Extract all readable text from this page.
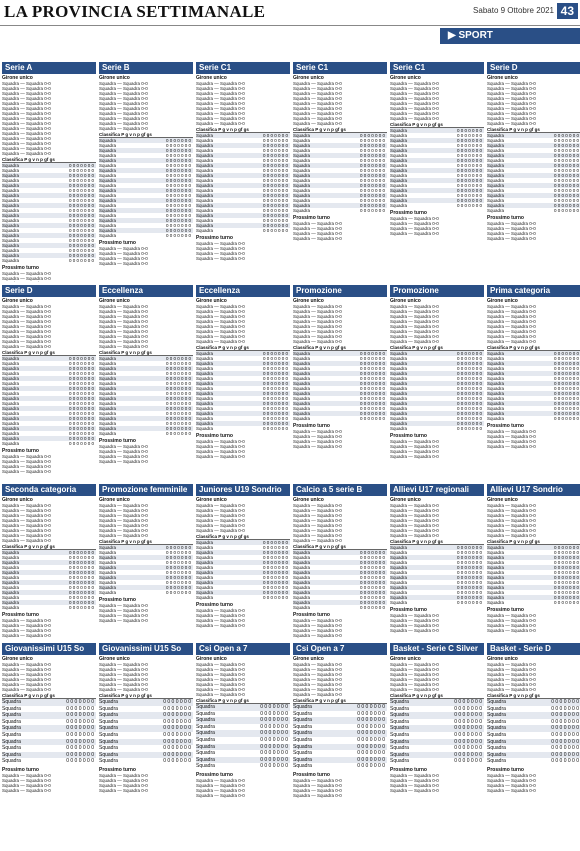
LA PROVINCIA SETTIMANALE	Sabato 9 Ottobre 2021 43
▶ SPORT
Serie A
Girone unico
Squadra — Squadra 0-0
Squadra — Squadra 0-0
Squadra — Squadra 0-0
Squadra — Squadra 0-0
Squadra — Squadra 0-0
Squadra — Squadra 0-0
Squadra — Squadra 0-0
Squadra — Squadra 0-0
Squadra — Squadra 0-0
Squadra — Squadra 0-0
Squadra — Squadra 0-0
Squadra — Squadra 0-0
Squadra — Squadra 0-0
Squadra — Squadra 0-0
Squadra — Squadra 0-0
Classifica P g v n p gf gs
Squadra	0 0 0 0 0 0 0
Squadra	0 0 0 0 0 0 0
Squadra	0 0 0 0 0 0 0
Squadra	0 0 0 0 0 0 0
Squadra	0 0 0 0 0 0 0
Squadra	0 0 0 0 0 0 0
Squadra	0 0 0 0 0 0 0
Squadra	0 0 0 0 0 0 0
Squadra	0 0 0 0 0 0 0
Squadra	0 0 0 0 0 0 0
Squadra	0 0 0 0 0 0 0
Squadra	0 0 0 0 0 0 0
Squadra	0 0 0 0 0 0 0
Squadra	0 0 0 0 0 0 0
Squadra	0 0 0 0 0 0 0
Squadra	0 0 0 0 0 0 0
Squadra	0 0 0 0 0 0 0
Squadra	0 0 0 0 0 0 0
Squadra	0 0 0 0 0 0 0
Squadra	0 0 0 0 0 0 0
Prossimo turno
Squadra — Squadra 0-0
Squadra — Squadra 0-0
Serie B
Girone unico
Squadra — Squadra 0-0
Squadra — Squadra 0-0
Squadra — Squadra 0-0
Squadra — Squadra 0-0
Squadra — Squadra 0-0
Squadra — Squadra 0-0
Squadra — Squadra 0-0
Squadra — Squadra 0-0
Squadra — Squadra 0-0
Squadra — Squadra 0-0
Classifica P g v n p gf gs
Squadra	0 0 0 0 0 0 0
Squadra	0 0 0 0 0 0 0
Squadra	0 0 0 0 0 0 0
Squadra	0 0 0 0 0 0 0
Squadra	0 0 0 0 0 0 0
Squadra	0 0 0 0 0 0 0
Squadra	0 0 0 0 0 0 0
Squadra	0 0 0 0 0 0 0
Squadra	0 0 0 0 0 0 0
Squadra	0 0 0 0 0 0 0
Squadra	0 0 0 0 0 0 0
Squadra	0 0 0 0 0 0 0
Squadra	0 0 0 0 0 0 0
Squadra	0 0 0 0 0 0 0
Squadra	0 0 0 0 0 0 0
Squadra	0 0 0 0 0 0 0
Squadra	0 0 0 0 0 0 0
Squadra	0 0 0 0 0 0 0
Squadra	0 0 0 0 0 0 0
Squadra	0 0 0 0 0 0 0
Prossimo turno
Squadra — Squadra 0-0
Squadra — Squadra 0-0
Squadra — Squadra 0-0
Squadra — Squadra 0-0
Serie C1
Girone unico
Squadra — Squadra 0-0
Squadra — Squadra 0-0
Squadra — Squadra 0-0
Squadra — Squadra 0-0
Squadra — Squadra 0-0
Squadra — Squadra 0-0
Squadra — Squadra 0-0
Squadra — Squadra 0-0
Squadra — Squadra 0-0
Classifica P g v n p gf gs
Squadra	0 0 0 0 0 0 0
Squadra	0 0 0 0 0 0 0
Squadra	0 0 0 0 0 0 0
Squadra	0 0 0 0 0 0 0
Squadra	0 0 0 0 0 0 0
Squadra	0 0 0 0 0 0 0
Squadra	0 0 0 0 0 0 0
Squadra	0 0 0 0 0 0 0
Squadra	0 0 0 0 0 0 0
Squadra	0 0 0 0 0 0 0
Squadra	0 0 0 0 0 0 0
Squadra	0 0 0 0 0 0 0
Squadra	0 0 0 0 0 0 0
Squadra	0 0 0 0 0 0 0
Squadra	0 0 0 0 0 0 0
Squadra	0 0 0 0 0 0 0
Squadra	0 0 0 0 0 0 0
Squadra	0 0 0 0 0 0 0
Squadra	0 0 0 0 0 0 0
Squadra	0 0 0 0 0 0 0
Prossimo turno
Squadra — Squadra 0-0
Squadra — Squadra 0-0
Squadra — Squadra 0-0
Squadra — Squadra 0-0
Serie C1
Girone unico
Squadra — Squadra 0-0
Squadra — Squadra 0-0
Squadra — Squadra 0-0
Squadra — Squadra 0-0
Squadra — Squadra 0-0
Squadra — Squadra 0-0
Squadra — Squadra 0-0
Squadra — Squadra 0-0
Squadra — Squadra 0-0
Classifica P g v n p gf gs
Squadra	0 0 0 0 0 0 0
Squadra	0 0 0 0 0 0 0
Squadra	0 0 0 0 0 0 0
Squadra	0 0 0 0 0 0 0
Squadra	0 0 0 0 0 0 0
Squadra	0 0 0 0 0 0 0
Squadra	0 0 0 0 0 0 0
Squadra	0 0 0 0 0 0 0
Squadra	0 0 0 0 0 0 0
Squadra	0 0 0 0 0 0 0
Squadra	0 0 0 0 0 0 0
Squadra	0 0 0 0 0 0 0
Squadra	0 0 0 0 0 0 0
Squadra	0 0 0 0 0 0 0
Squadra	0 0 0 0 0 0 0
Squadra	0 0 0 0 0 0 0
Prossimo turno
Squadra — Squadra 0-0
Squadra — Squadra 0-0
Squadra — Squadra 0-0
Squadra — Squadra 0-0
Serie C1
Girone unico
Squadra — Squadra 0-0
Squadra — Squadra 0-0
Squadra — Squadra 0-0
Squadra — Squadra 0-0
Squadra — Squadra 0-0
Squadra — Squadra 0-0
Squadra — Squadra 0-0
Squadra — Squadra 0-0
Classifica P g v n p gf gs
Squadra	0 0 0 0 0 0 0
Squadra	0 0 0 0 0 0 0
Squadra	0 0 0 0 0 0 0
Squadra	0 0 0 0 0 0 0
Squadra	0 0 0 0 0 0 0
Squadra	0 0 0 0 0 0 0
Squadra	0 0 0 0 0 0 0
Squadra	0 0 0 0 0 0 0
Squadra	0 0 0 0 0 0 0
Squadra	0 0 0 0 0 0 0
Squadra	0 0 0 0 0 0 0
Squadra	0 0 0 0 0 0 0
Squadra	0 0 0 0 0 0 0
Squadra	0 0 0 0 0 0 0
Squadra	0 0 0 0 0 0 0
Squadra	0 0 0 0 0 0 0
Prossimo turno
Squadra — Squadra 0-0
Squadra — Squadra 0-0
Squadra — Squadra 0-0
Squadra — Squadra 0-0
Serie D
Girone unico
Squadra — Squadra 0-0
Squadra — Squadra 0-0
Squadra — Squadra 0-0
Squadra — Squadra 0-0
Squadra — Squadra 0-0
Squadra — Squadra 0-0
Squadra — Squadra 0-0
Squadra — Squadra 0-0
Squadra — Squadra 0-0
Classifica P g v n p gf gs
Squadra	0 0 0 0 0 0 0
Squadra	0 0 0 0 0 0 0
Squadra	0 0 0 0 0 0 0
Squadra	0 0 0 0 0 0 0
Squadra	0 0 0 0 0 0 0
Squadra	0 0 0 0 0 0 0
Squadra	0 0 0 0 0 0 0
Squadra	0 0 0 0 0 0 0
Squadra	0 0 0 0 0 0 0
Squadra	0 0 0 0 0 0 0
Squadra	0 0 0 0 0 0 0
Squadra	0 0 0 0 0 0 0
Squadra	0 0 0 0 0 0 0
Squadra	0 0 0 0 0 0 0
Squadra	0 0 0 0 0 0 0
Squadra	0 0 0 0 0 0 0
Prossimo turno
Squadra — Squadra 0-0
Squadra — Squadra 0-0
Squadra — Squadra 0-0
Squadra — Squadra 0-0
Serie D
Girone unico
Squadra — Squadra 0-0
Squadra — Squadra 0-0
Squadra — Squadra 0-0
Squadra — Squadra 0-0
Squadra — Squadra 0-0
Squadra — Squadra 0-0
Squadra — Squadra 0-0
Squadra — Squadra 0-0
Squadra — Squadra 0-0
Classifica P g v n p gf gs
Squadra	0 0 0 0 0 0 0
Squadra	0 0 0 0 0 0 0
Squadra	0 0 0 0 0 0 0
Squadra	0 0 0 0 0 0 0
Squadra	0 0 0 0 0 0 0
Squadra	0 0 0 0 0 0 0
Squadra	0 0 0 0 0 0 0
Squadra	0 0 0 0 0 0 0
Squadra	0 0 0 0 0 0 0
Squadra	0 0 0 0 0 0 0
Squadra	0 0 0 0 0 0 0
Squadra	0 0 0 0 0 0 0
Squadra	0 0 0 0 0 0 0
Squadra	0 0 0 0 0 0 0
Squadra	0 0 0 0 0 0 0
Squadra	0 0 0 0 0 0 0
Squadra	0 0 0 0 0 0 0
Squadra	0 0 0 0 0 0 0
Prossimo turno
Squadra — Squadra 0-0
Squadra — Squadra 0-0
Squadra — Squadra 0-0
Squadra — Squadra 0-0
Eccellenza
Girone unico
Squadra — Squadra 0-0
Squadra — Squadra 0-0
Squadra — Squadra 0-0
Squadra — Squadra 0-0
Squadra — Squadra 0-0
Squadra — Squadra 0-0
Squadra — Squadra 0-0
Squadra — Squadra 0-0
Squadra — Squadra 0-0
Classifica P g v n p gf gs
Squadra	0 0 0 0 0 0 0
Squadra	0 0 0 0 0 0 0
Squadra	0 0 0 0 0 0 0
Squadra	0 0 0 0 0 0 0
Squadra	0 0 0 0 0 0 0
Squadra	0 0 0 0 0 0 0
Squadra	0 0 0 0 0 0 0
Squadra	0 0 0 0 0 0 0
Squadra	0 0 0 0 0 0 0
Squadra	0 0 0 0 0 0 0
Squadra	0 0 0 0 0 0 0
Squadra	0 0 0 0 0 0 0
Squadra	0 0 0 0 0 0 0
Squadra	0 0 0 0 0 0 0
Squadra	0 0 0 0 0 0 0
Squadra	0 0 0 0 0 0 0
Prossimo turno
Squadra — Squadra 0-0
Squadra — Squadra 0-0
Squadra — Squadra 0-0
Squadra — Squadra 0-0
Eccellenza
Girone unico
Squadra — Squadra 0-0
Squadra — Squadra 0-0
Squadra — Squadra 0-0
Squadra — Squadra 0-0
Squadra — Squadra 0-0
Squadra — Squadra 0-0
Squadra — Squadra 0-0
Squadra — Squadra 0-0
Classifica P g v n p gf gs
Squadra	0 0 0 0 0 0 0
Squadra	0 0 0 0 0 0 0
Squadra	0 0 0 0 0 0 0
Squadra	0 0 0 0 0 0 0
Squadra	0 0 0 0 0 0 0
Squadra	0 0 0 0 0 0 0
Squadra	0 0 0 0 0 0 0
Squadra	0 0 0 0 0 0 0
Squadra	0 0 0 0 0 0 0
Squadra	0 0 0 0 0 0 0
Squadra	0 0 0 0 0 0 0
Squadra	0 0 0 0 0 0 0
Squadra	0 0 0 0 0 0 0
Squadra	0 0 0 0 0 0 0
Squadra	0 0 0 0 0 0 0
Squadra	0 0 0 0 0 0 0
Prossimo turno
Squadra — Squadra 0-0
Squadra — Squadra 0-0
Squadra — Squadra 0-0
Squadra — Squadra 0-0
Promozione
Girone unico
Squadra — Squadra 0-0
Squadra — Squadra 0-0
Squadra — Squadra 0-0
Squadra — Squadra 0-0
Squadra — Squadra 0-0
Squadra — Squadra 0-0
Squadra — Squadra 0-0
Squadra — Squadra 0-0
Classifica P g v n p gf gs
Squadra	0 0 0 0 0 0 0
Squadra	0 0 0 0 0 0 0
Squadra	0 0 0 0 0 0 0
Squadra	0 0 0 0 0 0 0
Squadra	0 0 0 0 0 0 0
Squadra	0 0 0 0 0 0 0
Squadra	0 0 0 0 0 0 0
Squadra	0 0 0 0 0 0 0
Squadra	0 0 0 0 0 0 0
Squadra	0 0 0 0 0 0 0
Squadra	0 0 0 0 0 0 0
Squadra	0 0 0 0 0 0 0
Squadra	0 0 0 0 0 0 0
Squadra	0 0 0 0 0 0 0
Prossimo turno
Squadra — Squadra 0-0
Squadra — Squadra 0-0
Squadra — Squadra 0-0
Squadra — Squadra 0-0
Promozione
Girone unico
Squadra — Squadra 0-0
Squadra — Squadra 0-0
Squadra — Squadra 0-0
Squadra — Squadra 0-0
Squadra — Squadra 0-0
Squadra — Squadra 0-0
Squadra — Squadra 0-0
Squadra — Squadra 0-0
Classifica P g v n p gf gs
Squadra	0 0 0 0 0 0 0
Squadra	0 0 0 0 0 0 0
Squadra	0 0 0 0 0 0 0
Squadra	0 0 0 0 0 0 0
Squadra	0 0 0 0 0 0 0
Squadra	0 0 0 0 0 0 0
Squadra	0 0 0 0 0 0 0
Squadra	0 0 0 0 0 0 0
Squadra	0 0 0 0 0 0 0
Squadra	0 0 0 0 0 0 0
Squadra	0 0 0 0 0 0 0
Squadra	0 0 0 0 0 0 0
Squadra	0 0 0 0 0 0 0
Squadra	0 0 0 0 0 0 0
Squadra	0 0 0 0 0 0 0
Squadra	0 0 0 0 0 0 0
Prossimo turno
Squadra — Squadra 0-0
Squadra — Squadra 0-0
Squadra — Squadra 0-0
Squadra — Squadra 0-0
Prima categoria
Girone unico
Squadra — Squadra 0-0
Squadra — Squadra 0-0
Squadra — Squadra 0-0
Squadra — Squadra 0-0
Squadra — Squadra 0-0
Squadra — Squadra 0-0
Squadra — Squadra 0-0
Squadra — Squadra 0-0
Classifica P g v n p gf gs
Squadra	0 0 0 0 0 0 0
Squadra	0 0 0 0 0 0 0
Squadra	0 0 0 0 0 0 0
Squadra	0 0 0 0 0 0 0
Squadra	0 0 0 0 0 0 0
Squadra	0 0 0 0 0 0 0
Squadra	0 0 0 0 0 0 0
Squadra	0 0 0 0 0 0 0
Squadra	0 0 0 0 0 0 0
Squadra	0 0 0 0 0 0 0
Squadra	0 0 0 0 0 0 0
Squadra	0 0 0 0 0 0 0
Squadra	0 0 0 0 0 0 0
Squadra	0 0 0 0 0 0 0
Prossimo turno
Squadra — Squadra 0-0
Squadra — Squadra 0-0
Squadra — Squadra 0-0
Squadra — Squadra 0-0
Seconda categoria
Girone unico
Squadra — Squadra 0-0
Squadra — Squadra 0-0
Squadra — Squadra 0-0
Squadra — Squadra 0-0
Squadra — Squadra 0-0
Squadra — Squadra 0-0
Squadra — Squadra 0-0
Squadra — Squadra 0-0
Classifica P g v n p gf gs
Squadra	0 0 0 0 0 0 0
Squadra	0 0 0 0 0 0 0
Squadra	0 0 0 0 0 0 0
Squadra	0 0 0 0 0 0 0
Squadra	0 0 0 0 0 0 0
Squadra	0 0 0 0 0 0 0
Squadra	0 0 0 0 0 0 0
Squadra	0 0 0 0 0 0 0
Squadra	0 0 0 0 0 0 0
Squadra	0 0 0 0 0 0 0
Squadra	0 0 0 0 0 0 0
Squadra	0 0 0 0 0 0 0
Prossimo turno
Squadra — Squadra 0-0
Squadra — Squadra 0-0
Squadra — Squadra 0-0
Squadra — Squadra 0-0
Promozione femminile
Girone unico
Squadra — Squadra 0-0
Squadra — Squadra 0-0
Squadra — Squadra 0-0
Squadra — Squadra 0-0
Squadra — Squadra 0-0
Squadra — Squadra 0-0
Squadra — Squadra 0-0
Classifica P g v n p gf gs
Squadra	0 0 0 0 0 0 0
Squadra	0 0 0 0 0 0 0
Squadra	0 0 0 0 0 0 0
Squadra	0 0 0 0 0 0 0
Squadra	0 0 0 0 0 0 0
Squadra	0 0 0 0 0 0 0
Squadra	0 0 0 0 0 0 0
Squadra	0 0 0 0 0 0 0
Squadra	0 0 0 0 0 0 0
Squadra	0 0 0 0 0 0 0
Prossimo turno
Squadra — Squadra 0-0
Squadra — Squadra 0-0
Squadra — Squadra 0-0
Squadra — Squadra 0-0
Juniores U19 Sondrio
Girone unico
Squadra — Squadra 0-0
Squadra — Squadra 0-0
Squadra — Squadra 0-0
Squadra — Squadra 0-0
Squadra — Squadra 0-0
Squadra — Squadra 0-0
Classifica P g v n p gf gs
Squadra	0 0 0 0 0 0 0
Squadra	0 0 0 0 0 0 0
Squadra	0 0 0 0 0 0 0
Squadra	0 0 0 0 0 0 0
Squadra	0 0 0 0 0 0 0
Squadra	0 0 0 0 0 0 0
Squadra	0 0 0 0 0 0 0
Squadra	0 0 0 0 0 0 0
Squadra	0 0 0 0 0 0 0
Squadra	0 0 0 0 0 0 0
Squadra	0 0 0 0 0 0 0
Squadra	0 0 0 0 0 0 0
Prossimo turno
Squadra — Squadra 0-0
Squadra — Squadra 0-0
Squadra — Squadra 0-0
Squadra — Squadra 0-0
Calcio a 5 serie B
Girone unico
Squadra — Squadra 0-0
Squadra — Squadra 0-0
Squadra — Squadra 0-0
Squadra — Squadra 0-0
Squadra — Squadra 0-0
Squadra — Squadra 0-0
Squadra — Squadra 0-0
Squadra — Squadra 0-0
Classifica P g v n p gf gs
Squadra	0 0 0 0 0 0 0
Squadra	0 0 0 0 0 0 0
Squadra	0 0 0 0 0 0 0
Squadra	0 0 0 0 0 0 0
Squadra	0 0 0 0 0 0 0
Squadra	0 0 0 0 0 0 0
Squadra	0 0 0 0 0 0 0
Squadra	0 0 0 0 0 0 0
Squadra	0 0 0 0 0 0 0
Squadra	0 0 0 0 0 0 0
Squadra	0 0 0 0 0 0 0
Squadra	0 0 0 0 0 0 0
Prossimo turno
Squadra — Squadra 0-0
Squadra — Squadra 0-0
Squadra — Squadra 0-0
Squadra — Squadra 0-0
Allievi U17 regionali
Girone unico
Squadra — Squadra 0-0
Squadra — Squadra 0-0
Squadra — Squadra 0-0
Squadra — Squadra 0-0
Squadra — Squadra 0-0
Squadra — Squadra 0-0
Squadra — Squadra 0-0
Classifica P g v n p gf gs
Squadra	0 0 0 0 0 0 0
Squadra	0 0 0 0 0 0 0
Squadra	0 0 0 0 0 0 0
Squadra	0 0 0 0 0 0 0
Squadra	0 0 0 0 0 0 0
Squadra	0 0 0 0 0 0 0
Squadra	0 0 0 0 0 0 0
Squadra	0 0 0 0 0 0 0
Squadra	0 0 0 0 0 0 0
Squadra	0 0 0 0 0 0 0
Squadra	0 0 0 0 0 0 0
Squadra	0 0 0 0 0 0 0
Prossimo turno
Squadra — Squadra 0-0
Squadra — Squadra 0-0
Squadra — Squadra 0-0
Squadra — Squadra 0-0
Allievi U17 Sondrio
Girone unico
Squadra — Squadra 0-0
Squadra — Squadra 0-0
Squadra — Squadra 0-0
Squadra — Squadra 0-0
Squadra — Squadra 0-0
Squadra — Squadra 0-0
Squadra — Squadra 0-0
Classifica P g v n p gf gs
Squadra	0 0 0 0 0 0 0
Squadra	0 0 0 0 0 0 0
Squadra	0 0 0 0 0 0 0
Squadra	0 0 0 0 0 0 0
Squadra	0 0 0 0 0 0 0
Squadra	0 0 0 0 0 0 0
Squadra	0 0 0 0 0 0 0
Squadra	0 0 0 0 0 0 0
Squadra	0 0 0 0 0 0 0
Squadra	0 0 0 0 0 0 0
Squadra	0 0 0 0 0 0 0
Squadra	0 0 0 0 0 0 0
Prossimo turno
Squadra — Squadra 0-0
Squadra — Squadra 0-0
Squadra — Squadra 0-0
Squadra — Squadra 0-0
Giovanissimi U15 So
Girone unico
Squadra — Squadra 0-0
Squadra — Squadra 0-0
Squadra — Squadra 0-0
Squadra — Squadra 0-0
Squadra — Squadra 0-0
Squadra — Squadra 0-0
Classifica P g v n p gf gs
Squadra	0 0 0 0 0 0 0
Squadra	0 0 0 0 0 0 0
Squadra	0 0 0 0 0 0 0
Squadra	0 0 0 0 0 0 0
Squadra	0 0 0 0 0 0 0
Squadra	0 0 0 0 0 0 0
Squadra	0 0 0 0 0 0 0
Squadra	0 0 0 0 0 0 0
Squadra	0 0 0 0 0 0 0
Squadra	0 0 0 0 0 0 0
Prossimo turno
Squadra — Squadra 0-0
Squadra — Squadra 0-0
Squadra — Squadra 0-0
Squadra — Squadra 0-0
Giovanissimi U15 So
Girone unico
Squadra — Squadra 0-0
Squadra — Squadra 0-0
Squadra — Squadra 0-0
Squadra — Squadra 0-0
Squadra — Squadra 0-0
Squadra — Squadra 0-0
Classifica P g v n p gf gs
Squadra	0 0 0 0 0 0 0
Squadra	0 0 0 0 0 0 0
Squadra	0 0 0 0 0 0 0
Squadra	0 0 0 0 0 0 0
Squadra	0 0 0 0 0 0 0
Squadra	0 0 0 0 0 0 0
Squadra	0 0 0 0 0 0 0
Squadra	0 0 0 0 0 0 0
Squadra	0 0 0 0 0 0 0
Squadra	0 0 0 0 0 0 0
Prossimo turno
Squadra — Squadra 0-0
Squadra — Squadra 0-0
Squadra — Squadra 0-0
Squadra — Squadra 0-0
Csi Open a 7
Girone unico
Squadra — Squadra 0-0
Squadra — Squadra 0-0
Squadra — Squadra 0-0
Squadra — Squadra 0-0
Squadra — Squadra 0-0
Squadra — Squadra 0-0
Squadra — Squadra 0-0
Classifica P g v n p gf gs
Squadra	0 0 0 0 0 0 0
Squadra	0 0 0 0 0 0 0
Squadra	0 0 0 0 0 0 0
Squadra	0 0 0 0 0 0 0
Squadra	0 0 0 0 0 0 0
Squadra	0 0 0 0 0 0 0
Squadra	0 0 0 0 0 0 0
Squadra	0 0 0 0 0 0 0
Squadra	0 0 0 0 0 0 0
Squadra	0 0 0 0 0 0 0
Prossimo turno
Squadra — Squadra 0-0
Squadra — Squadra 0-0
Squadra — Squadra 0-0
Squadra — Squadra 0-0
Csi Open a 7
Girone unico
Squadra — Squadra 0-0
Squadra — Squadra 0-0
Squadra — Squadra 0-0
Squadra — Squadra 0-0
Squadra — Squadra 0-0
Squadra — Squadra 0-0
Squadra — Squadra 0-0
Classifica P g v n p gf gs
Squadra	0 0 0 0 0 0 0
Squadra	0 0 0 0 0 0 0
Squadra	0 0 0 0 0 0 0
Squadra	0 0 0 0 0 0 0
Squadra	0 0 0 0 0 0 0
Squadra	0 0 0 0 0 0 0
Squadra	0 0 0 0 0 0 0
Squadra	0 0 0 0 0 0 0
Squadra	0 0 0 0 0 0 0
Squadra	0 0 0 0 0 0 0
Prossimo turno
Squadra — Squadra 0-0
Squadra — Squadra 0-0
Squadra — Squadra 0-0
Squadra — Squadra 0-0
Basket - Serie C Silver
Girone unico
Squadra — Squadra 0-0
Squadra — Squadra 0-0
Squadra — Squadra 0-0
Squadra — Squadra 0-0
Squadra — Squadra 0-0
Squadra — Squadra 0-0
Classifica P g v n p gf gs
Squadra	0 0 0 0 0 0 0
Squadra	0 0 0 0 0 0 0
Squadra	0 0 0 0 0 0 0
Squadra	0 0 0 0 0 0 0
Squadra	0 0 0 0 0 0 0
Squadra	0 0 0 0 0 0 0
Squadra	0 0 0 0 0 0 0
Squadra	0 0 0 0 0 0 0
Squadra	0 0 0 0 0 0 0
Squadra	0 0 0 0 0 0 0
Prossimo turno
Squadra — Squadra 0-0
Squadra — Squadra 0-0
Squadra — Squadra 0-0
Squadra — Squadra 0-0
Basket - Serie D
Girone unico
Squadra — Squadra 0-0
Squadra — Squadra 0-0
Squadra — Squadra 0-0
Squadra — Squadra 0-0
Squadra — Squadra 0-0
Squadra — Squadra 0-0
Classifica P g v n p gf gs
Squadra	0 0 0 0 0 0 0
Squadra	0 0 0 0 0 0 0
Squadra	0 0 0 0 0 0 0
Squadra	0 0 0 0 0 0 0
Squadra	0 0 0 0 0 0 0
Squadra	0 0 0 0 0 0 0
Squadra	0 0 0 0 0 0 0
Squadra	0 0 0 0 0 0 0
Squadra	0 0 0 0 0 0 0
Squadra	0 0 0 0 0 0 0
Prossimo turno
Squadra — Squadra 0-0
Squadra — Squadra 0-0
Squadra — Squadra 0-0
Squadra — Squadra 0-0
